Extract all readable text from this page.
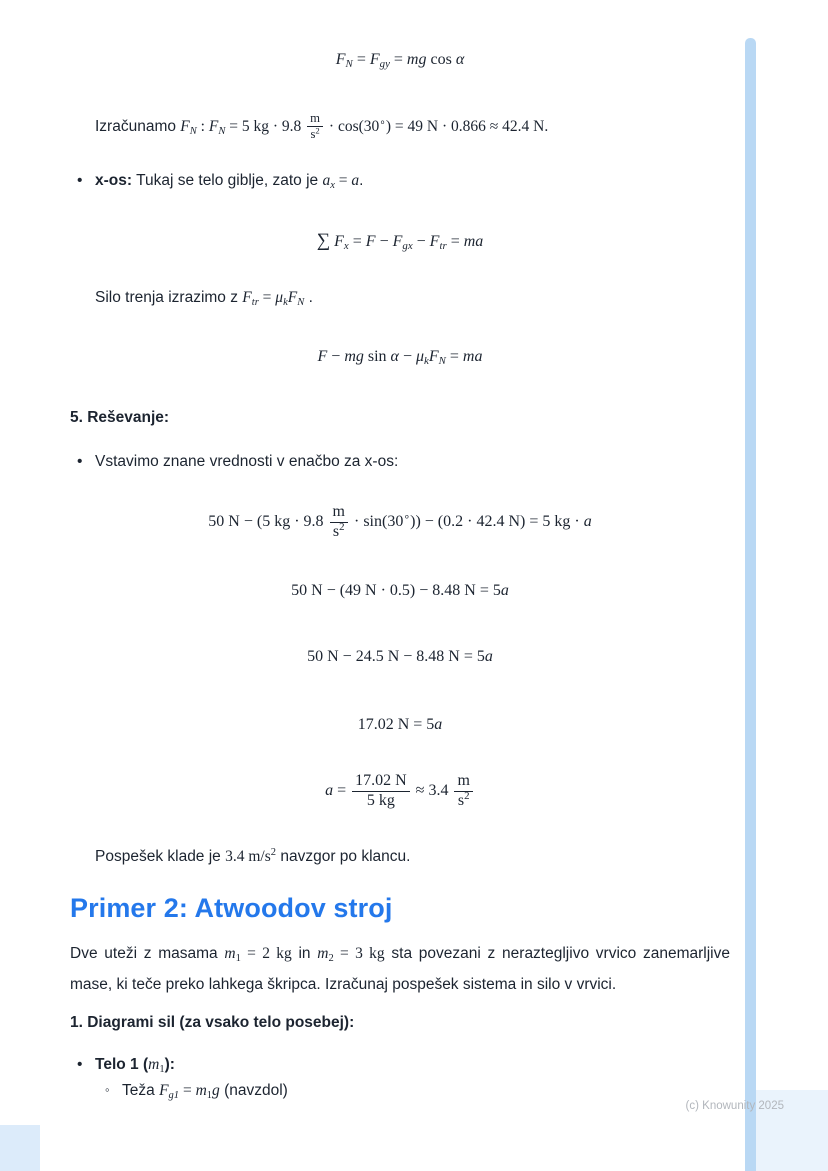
$F_N = F_{gy}$ = mg cos α

Izračunamo $F_N$ : $F_N = 5$ kg · $9.8 \frac{m}{s^2} \cdot \cos(30^\circ) = 49$ N · 0.866 ≈ 42.4 N.

• x-os: Tukaj se telo giblje, zato je $a_x = a$.
∑ $F_x = F - F_{gx} - F_{tr}$ = ma

Silo trenja izrazimo z $F_{tr} = \mu_kF_N$ .

F − mg $\sin \alpha - \mu_kF_N$ = ma
5. Reševanje:
• Vstavimo znane vrednosti v enačbo za x-os:
50 N − (5 kg · $9.8 \frac{m}{s^2} \cdot \sin(30^\circ)) - (0.2 \cdot 42.4$ N) = 5 kg · a
50 N − (49 N · 0.5) − 8.48 N = 5a
50 N − 24.5 N − 8.48 N = 5a
17.02 N = 5a
$a = \frac{17.02 N}{5 kg} \approx 3.4 \frac{m}{s^2}$

Pospešek klade je 3.4 $m/s^2$ navzgor po klancu.

Primer 2: Atwoodov stroj

Dve uteži z masama $m_1 = 2$ kg in $m_2 = 3$ kg sta povezani z neraztegljivo vrvico zanemarljive mase, ki teče preko lahkega škripca. Izračunaj pospešek sistema in silo v vrvici.

1. Diagrami sil (za vsako telo posebej):
• Telo 1 $(m_1)$:
◦ Teža $F_{g1} = m_1g$ (navzdol)
(c) Knowunity 2025
